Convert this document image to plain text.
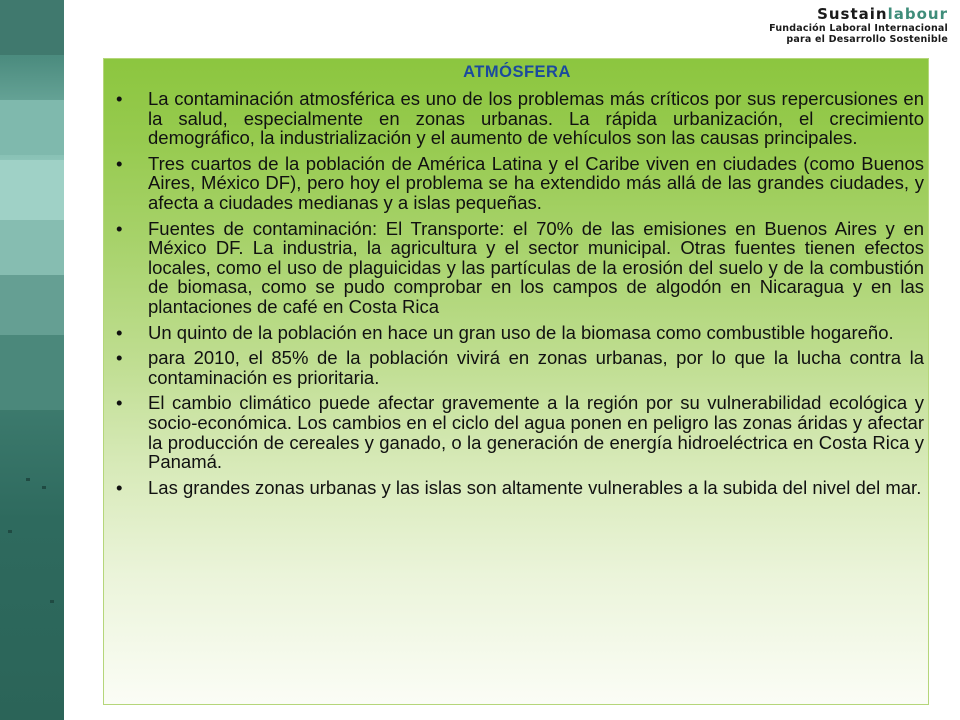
Sustainlabour
Fundación Laboral Internacional
para el Desarrollo Sostenible
ATMÓSFERA
•	La contaminación atmosférica es uno de los problemas más críticos por sus repercusiones en la salud, especialmente en zonas urbanas. La rápida urbanización, el crecimiento demográfico, la industrialización y el aumento de vehículos son las causas principales.
•	Tres cuartos de la población de América Latina y el Caribe viven en ciudades (como Buenos Aires, México DF), pero hoy el problema se ha extendido más allá de las grandes ciudades, y afecta a ciudades medianas y a islas pequeñas.
•	Fuentes de contaminación: El Transporte: el 70% de las emisiones en Buenos Aires y en México DF. La industria, la agricultura y el sector municipal. Otras fuentes tienen efectos locales, como el uso de plaguicidas y las partículas de la erosión del suelo y de la combustión de biomasa, como se pudo comprobar en los campos de algodón en Nicaragua y en las plantaciones de café en Costa Rica
•	Un quinto de la población en hace un gran uso de la biomasa como combustible hogareño.
•	para 2010, el 85% de la población vivirá en zonas urbanas, por lo que la lucha contra la contaminación es prioritaria.
•	El cambio climático puede afectar gravemente a la región por su vulnerabilidad ecológica y socio-económica. Los cambios en el ciclo del agua ponen en peligro las zonas áridas y afectar la producción de cereales y ganado, o la generación de energía hidroeléctrica en Costa Rica y Panamá.
•	Las grandes zonas urbanas y las islas son altamente vulnerables a la subida del nivel del mar.
